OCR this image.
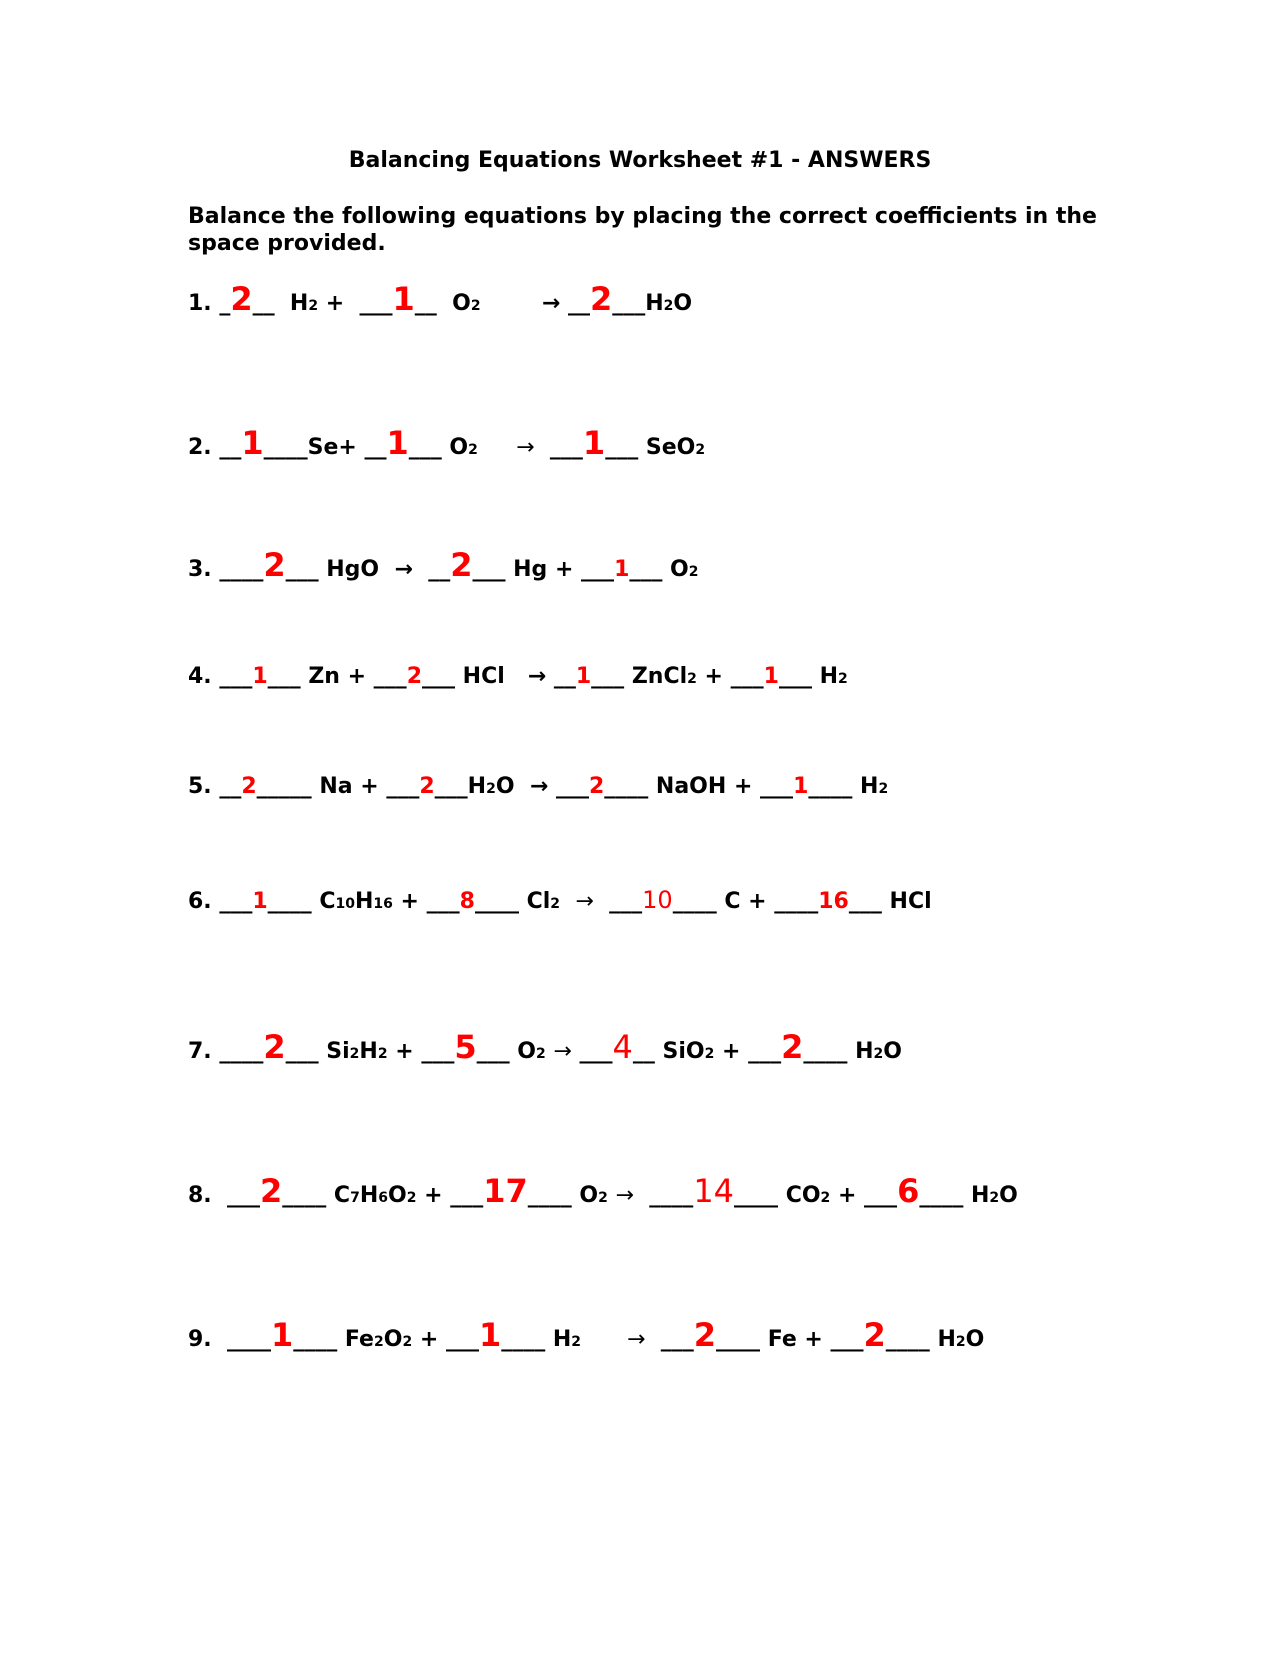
Balancing Equations Worksheet #1 - ANSWERS
Balance the following equations by placing the correct coefficients in the space provided.
1. _ 2 __  H2 +  ___ 1 __  O2	→ __ 2 ___H2O
2. __ 1 ____Se+ __ 1 ___ O2	→ ___ 1 ___ SeO2
3. ____ 2 ___ HgO → __ 2 ___ Hg + ___ 1 ___ O2
4. ___ 1 ___ Zn + ___ 2 ___ HCl → __ 1 ___ ZnCl2 + ___ 1 ___ H2
5. __ 2 _____ Na + ___ 2 ___H2O → ___ 2 ____ NaOH + ___ 1 ____ H2
6. ___ 1 ____ C10H16 + ___ 8 ____ Cl2 → ___ 10 ____ C + ____ 16 ___ HCl
7. ____ 2 ___ Si2H2 + ___ 5 ___ O2 → ___ 4 __ SiO2 + ___ 2 ____ H2O
8. ___ 2 ____ C7H6O2 + ___ 17 ____ O2 → ____ 14 ____ CO2 + ___ 6 ____ H2O
9. ____ 1 ____ Fe2O2 + ___ 1 ____ H2	→ ___ 2 ____ Fe + ___ 2 ____ H2O
